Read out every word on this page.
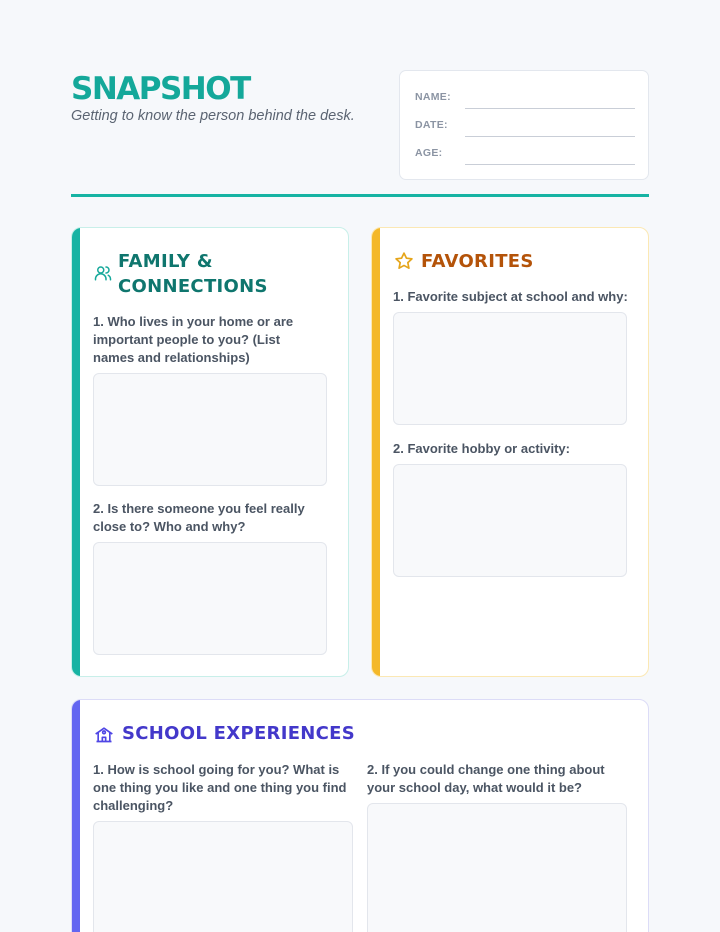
SNAPSHOT
Getting to know the person behind the desk.
NAME:
DATE:
AGE:
FAMILY &
CONNECTIONS
1. Who lives in your home or are important people to you? (List names and relationships)
2. Is there someone you feel really close to? Who and why?
FAVORITES
1. Favorite subject at school and why:
2. Favorite hobby or activity:
SCHOOL EXPERIENCES
1. How is school going for you? What is one thing you like and one thing you find challenging?
2. If you could change one thing about your school day, what would it be?
